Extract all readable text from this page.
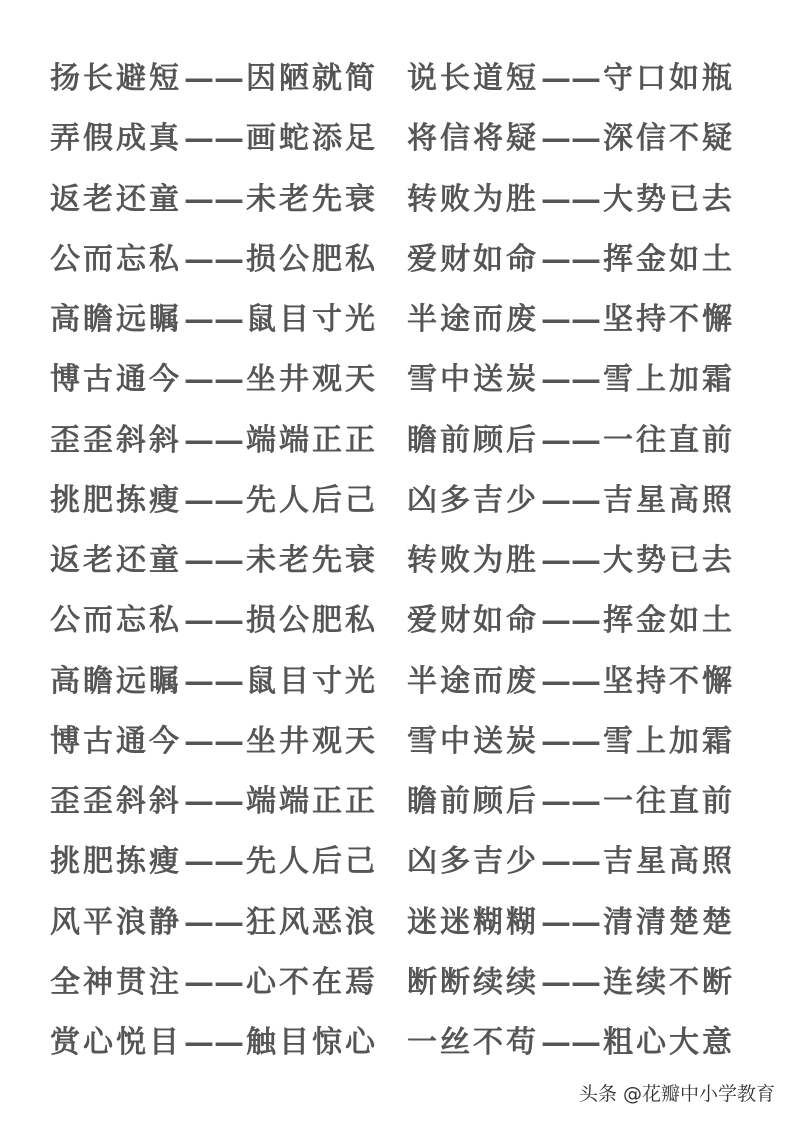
扬长避短 —— 因陋就简 说长道短 —— 守口如瓶
弄假成真 —— 画蛇添足 将信将疑 —— 深信不疑
返老还童 —— 未老先衰 转败为胜 —— 大势已去
公而忘私 —— 损公肥私 爱财如命 —— 挥金如土
高瞻远瞩 —— 鼠目寸光 半途而废 —— 坚持不懈
博古通今 —— 坐井观天 雪中送炭 —— 雪上加霜
歪歪斜斜 —— 端端正正 瞻前顾后 —— 一往直前
挑肥拣瘦 —— 先人后己 凶多吉少 —— 吉星高照
返老还童 —— 未老先衰 转败为胜 —— 大势已去
公而忘私 —— 损公肥私 爱财如命 —— 挥金如土
高瞻远瞩 —— 鼠目寸光 半途而废 —— 坚持不懈
博古通今 —— 坐井观天 雪中送炭 —— 雪上加霜
歪歪斜斜 —— 端端正正 瞻前顾后 —— 一往直前
挑肥拣瘦 —— 先人后己 凶多吉少 —— 吉星高照
风平浪静 —— 狂风恶浪 迷迷糊糊 —— 清清楚楚
全神贯注 —— 心不在焉 断断续续 —— 连续不断
赏心悦目 —— 触目惊心 一丝不苟 —— 粗心大意
头条 @花瓣中小学教育
